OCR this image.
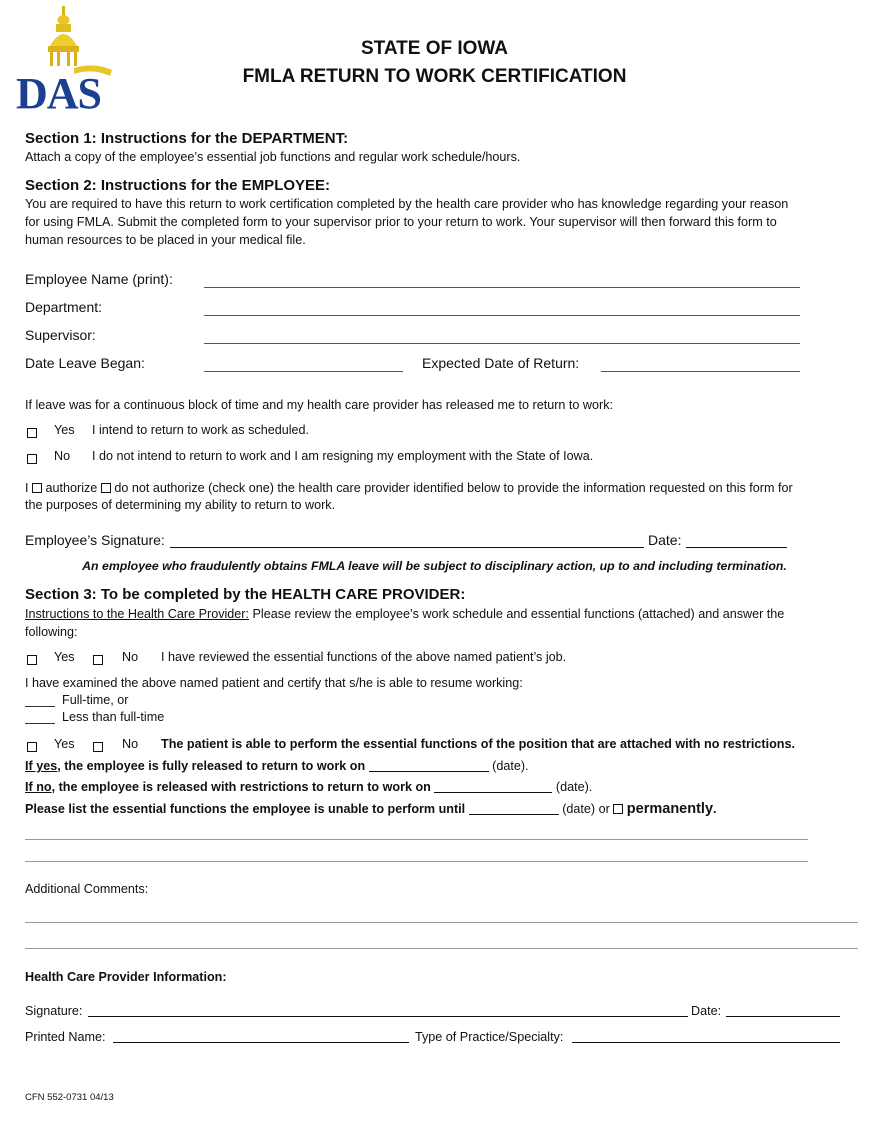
DAS
STATE OF IOWA
FMLA RETURN TO WORK CERTIFICATION
Section 1: Instructions for the DEPARTMENT:
Attach a copy of the employee’s essential job functions and regular work schedule/hours.
Section 2: Instructions for the EMPLOYEE:
You are required to have this return to work certification completed by the health care provider who has knowledge regarding your reason
for using FMLA. Submit the completed form to your supervisor prior to your return to work. Your supervisor will then forward this form to
human resources to be placed in your medical file.
Employee Name (print):
Department:
Supervisor:
Date Leave Began:	Expected Date of Return:
If leave was for a continuous block of time and my health care provider has released me to return to work:
Yes I intend to return to work as scheduled.
No I do not intend to return to work and I am resigning my employment with the State of Iowa.
I authorize do not authorize (check one) the health care provider identified below to provide the information requested on this form for
the purposes of determining my ability to return to work.
Employee’s Signature:	Date:
An employee who fraudulently obtains FMLA leave will be subject to disciplinary action, up to and including termination.
Section 3: To be completed by the HEALTH CARE PROVIDER:
Instructions to the Health Care Provider: Please review the employee’s work schedule and essential functions (attached) and answer the
following:
Yes	No I have reviewed the essential functions of the above named patient’s job.
I have examined the above named patient and certify that s/he is able to resume working:
Full-time, or
Less than full-time
Yes	No The patient is able to perform the essential functions of the position that are attached with no restrictions.
If yes, the employee is fully released to return to work on	(date).
If no, the employee is released with restrictions to return to work on	(date).
Please list the essential functions the employee is unable to perform until	(date) or permanently.
Additional Comments:
Health Care Provider Information:
Signature:	Date:
Printed Name:	Type of Practice/Specialty:
CFN 552-0731 04/13
